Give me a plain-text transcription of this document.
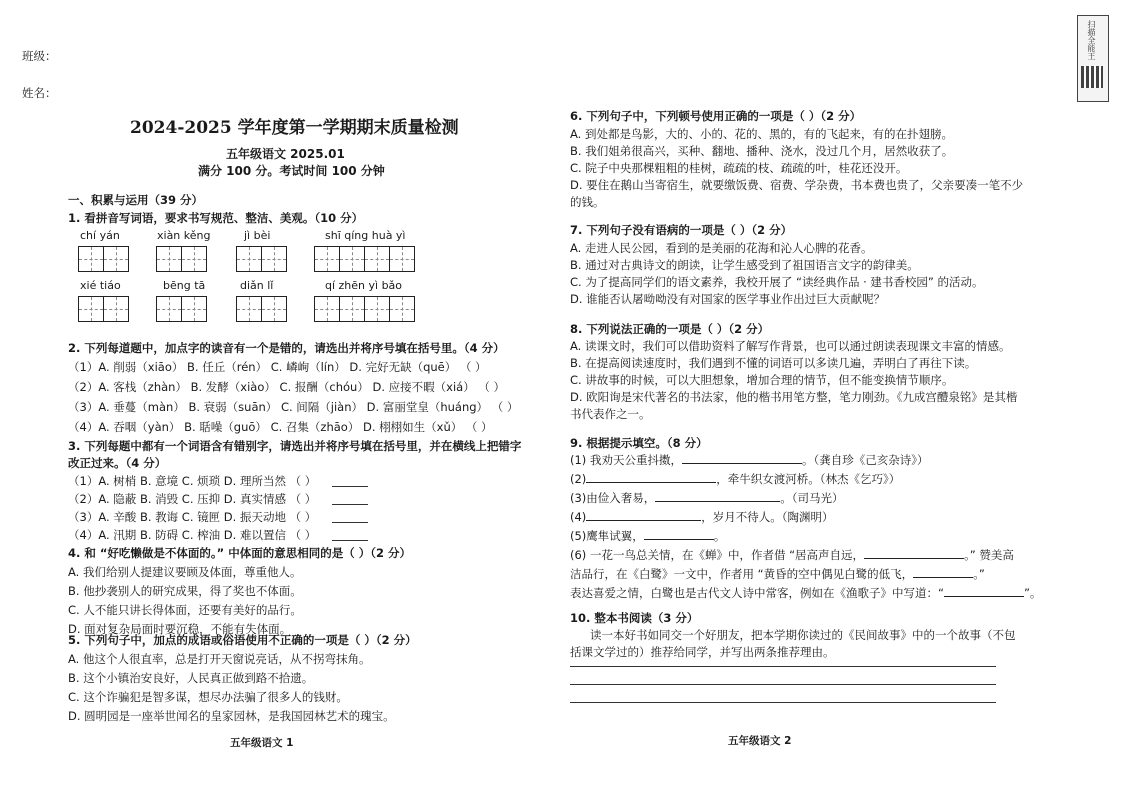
班级：
姓名：
2024-2025 学年度第一学期期末质量检测
五年级语文 2025.01
满分 100 分。考试时间 100 分钟
一、积累与运用（39 分）
1. 看拼音写词语，要求书写规范、整洁、美观。（10 分）
chí yán	xiàn kěng	jì bèi	shī qíng huà yì
xié tiáo	bēng tā	diǎn lǐ	qí zhēn yì bǎo
2. 下列每道题中，加点字的读音有一个是错的，请选出并将序号填在括号里。（4 分）
（1）A. 削弱（xiāo） B. 任丘（rén） C. 嶙峋（lín） D. 完好无缺（quē） （ ）
（2）A. 客栈（zhàn） B. 发酵（xiào） C. 报酬（chóu） D. 应接不暇（xiá） （ ）
（3）A. 垂蔓（màn） B. 衰弱（suān） C. 间隔（jiàn） D. 富丽堂皇（huáng） （ ）
（4）A. 吞咽（yàn） B. 聒噪（guō） C. 召集（zhāo） D. 栩栩如生（xǔ） （ ）
3. 下列每题中都有一个词语含有错别字，请选出并将序号填在括号里，并在横线上把错字
改正过来。（4 分）
（1）A. 树梢 B. 意境 C. 烦琐 D. 理所当然 （ ）
（2）A. 隐蔽 B. 消毁 C. 压抑 D. 真实情感 （ ）
（3）A. 辛酸 B. 教诲 C. 镜匣 D. 振天动地 （ ）
（4）A. 汛期 B. 防碍 C. 榨油 D. 难以置信 （ ）
4. 和 “好吃懒做是不体面的。” 中体面的意思相同的是（ ）（2 分）
A. 我们给别人提建议要顾及体面，尊重他人。
B. 他抄袭别人的研究成果，得了奖也不体面。
C. 人不能只讲长得体面，还要有美好的品行。
D. 面对复杂局面时要沉稳，不能有失体面。
5. 下列句子中，加点的成语或俗语使用不正确的一项是（ ）（2 分）
A. 他这个人很直率，总是打开天窗说亮话，从不拐弯抹角。
B. 这个小镇治安良好，人民真正做到路不拾遗。
C. 这个诈骗犯是智多谋，想尽办法骗了很多人的钱财。
D. 圆明园是一座举世闻名的皇家园林，是我国园林艺术的瑰宝。
五年级语文 1
6. 下列句子中，下列顿号使用正确的一项是（ ）（2 分）
A. 到处都是鸟影，大的、小的、花的、黑的，有的飞起来，有的在扑翅膀。
B. 我们姐弟很高兴，买种、翻地、播种、浇水，没过几个月，居然收获了。
C. 院子中央那棵粗粗的桂树，疏疏的枝、疏疏的叶，桂花还没开。
D. 要住在鹅山当寄宿生，就要缴饭费、宿费、学杂费，书本费也贵了，父亲要凑一笔不少
的钱。
7. 下列句子没有语病的一项是（ ）（2 分）
A. 走进人民公园，看到的是美丽的花海和沁人心脾的花香。
B. 通过对古典诗文的朗读，让学生感受到了祖国语言文字的韵律美。
C. 为了提高同学们的语文素养，我校开展了 “读经典作品 · 建书香校园” 的活动。
D. 谁能否认屠呦呦没有对国家的医学事业作出过巨大贡献呢？
8. 下列说法正确的一项是（ ）（2 分）
A. 读课文时，我们可以借助资料了解写作背景，也可以通过朗读表现课文丰富的情感。
B. 在提高阅读速度时，我们遇到不懂的词语可以多读几遍，弄明白了再往下读。
C. 讲故事的时候，可以大胆想象，增加合理的情节，但不能变换情节顺序。
D. 欧阳询是宋代著名的书法家，他的楷书用笔方整，笔力刚劲。《九成宫醴泉铭》是其楷
书代表作之一。
9. 根据提示填空。（8 分）
(1) 我劝天公重抖擞，	。（龚自珍《己亥杂诗》）
(2)	，牵牛织女渡河桥。（林杰《乞巧》）
(3)由俭入奢易，	。（司马光）
(4)	，岁月不待人。（陶渊明）
(5)鹰隼试翼，	。
(6) 一花一鸟总关情，在《蝉》中，作者借 “居高声自远，	。” 赞美高
洁品行，在《白鹭》一文中，作者用 “黄昏的空中偶见白鹭的低飞，	。”
表达喜爱之情，白鹭也是古代文人诗中常客，例如在《渔歌子》中写道：“	”。
10. 整本书阅读（3 分）
读一本好书如同交一个好朋友，把本学期你读过的《民间故事》中的一个故事（不包
括课文学过的）推荐给同学，并写出两条推荐理由。
五年级语文 2
扫描全能王
